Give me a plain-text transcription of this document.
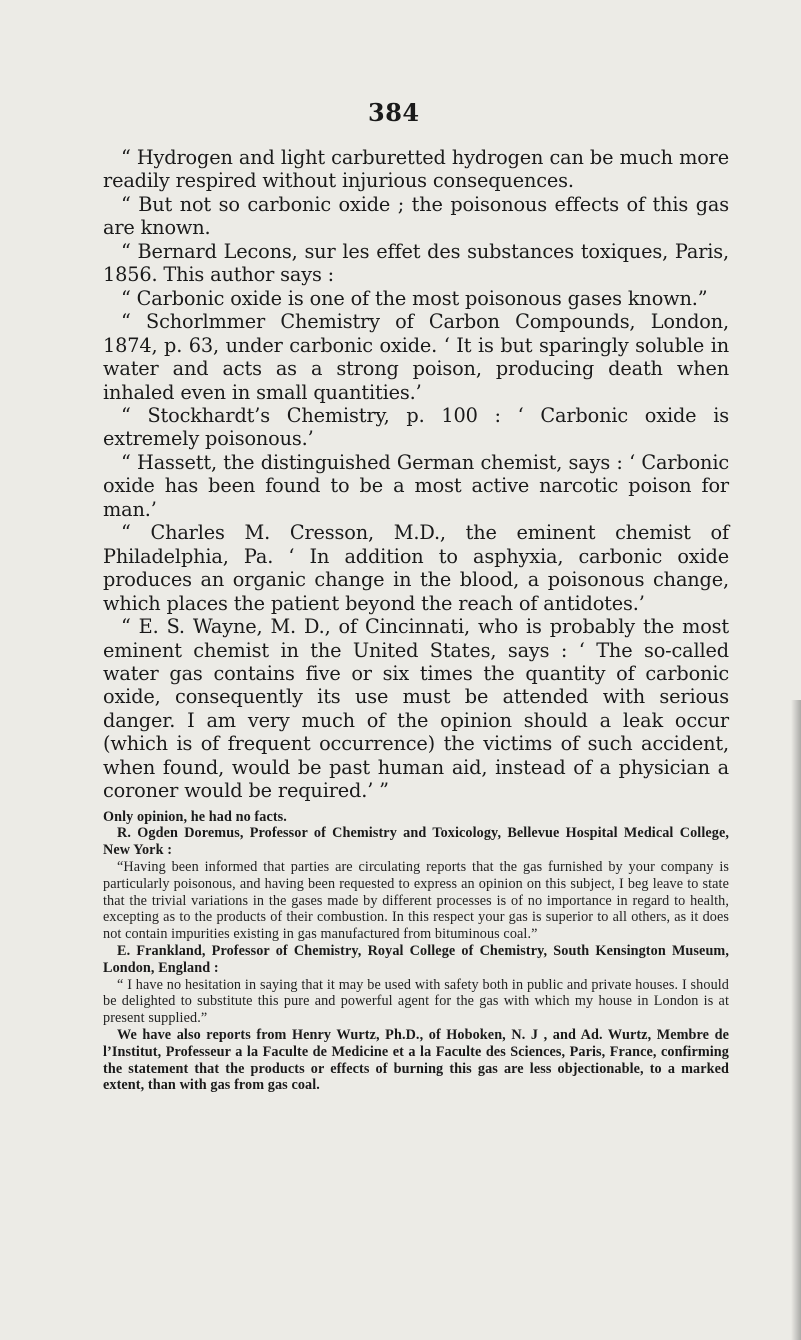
384

“ Hydrogen and light carburetted hydrogen can be much more readily respired without injurious consequences.

“ But not so carbonic oxide ; the poisonous effects of this gas are known.

“ Bernard Lecons, sur les effet des substances toxiques, Paris, 1856. This author says :

“ Carbonic oxide is one of the most poisonous gases known.”

“ Schorlmmer Chemistry of Carbon Compounds, London, 1874, p. 63, under carbonic oxide. ‘ It is but sparingly soluble in water and acts as a strong poison, producing death when inhaled even in small quantities.’

“ Stockhardt’s Chemistry, p. 100 : ‘ Carbonic oxide is extremely poisonous.’

“ Hassett, the distinguished German chemist, says : ‘ Carbonic oxide has been found to be a most active narcotic poison for man.’

“ Charles M. Cresson, M.D., the eminent chemist of Philadelphia, Pa. ‘ In addition to asphyxia, carbonic oxide produces an organic change in the blood, a poisonous change, which places the patient beyond the reach of antidotes.’

“ E. S. Wayne, M. D., of Cincinnati, who is probably the most eminent chemist in the United States, says : ‘ The so-called water gas contains five or six times the quantity of carbonic oxide, consequently its use must be attended with serious danger. I am very much of the opinion should a leak occur (which is of frequent occurrence) the victims of such accident, when found, would be past human aid, instead of a physician a coroner would be required.’ ”

Only opinion, he had no facts.

R. Ogden Doremus, Professor of Chemistry and Toxicology, Bellevue Hospital Medical College, New York :

“Having been informed that parties are circulating reports that the gas furnished by your company is particularly poisonous, and having been requested to express an opinion on this subject, I beg leave to state that the trivial variations in the gases made by different processes is of no importance in regard to health, excepting as to the products of their combustion. In this respect your gas is superior to all others, as it does not contain impurities existing in gas manufactured from bituminous coal.”

E. Frankland, Professor of Chemistry, Royal College of Chemistry, South Kensington Museum, London, England :

“ I have no hesitation in saying that it may be used with safety both in public and private houses. I should be delighted to substitute this pure and powerful agent for the gas with which my house in London is at present supplied.”

We have also reports from Henry Wurtz, Ph.D., of Hoboken, N. J , and Ad. Wurtz, Membre de l’Institut, Professeur a la Faculte de Medicine et a la Faculte des Sciences, Paris, France, confirming the statement that the products or effects of burning this gas are less objectionable, to a marked extent, than with gas from gas coal.
